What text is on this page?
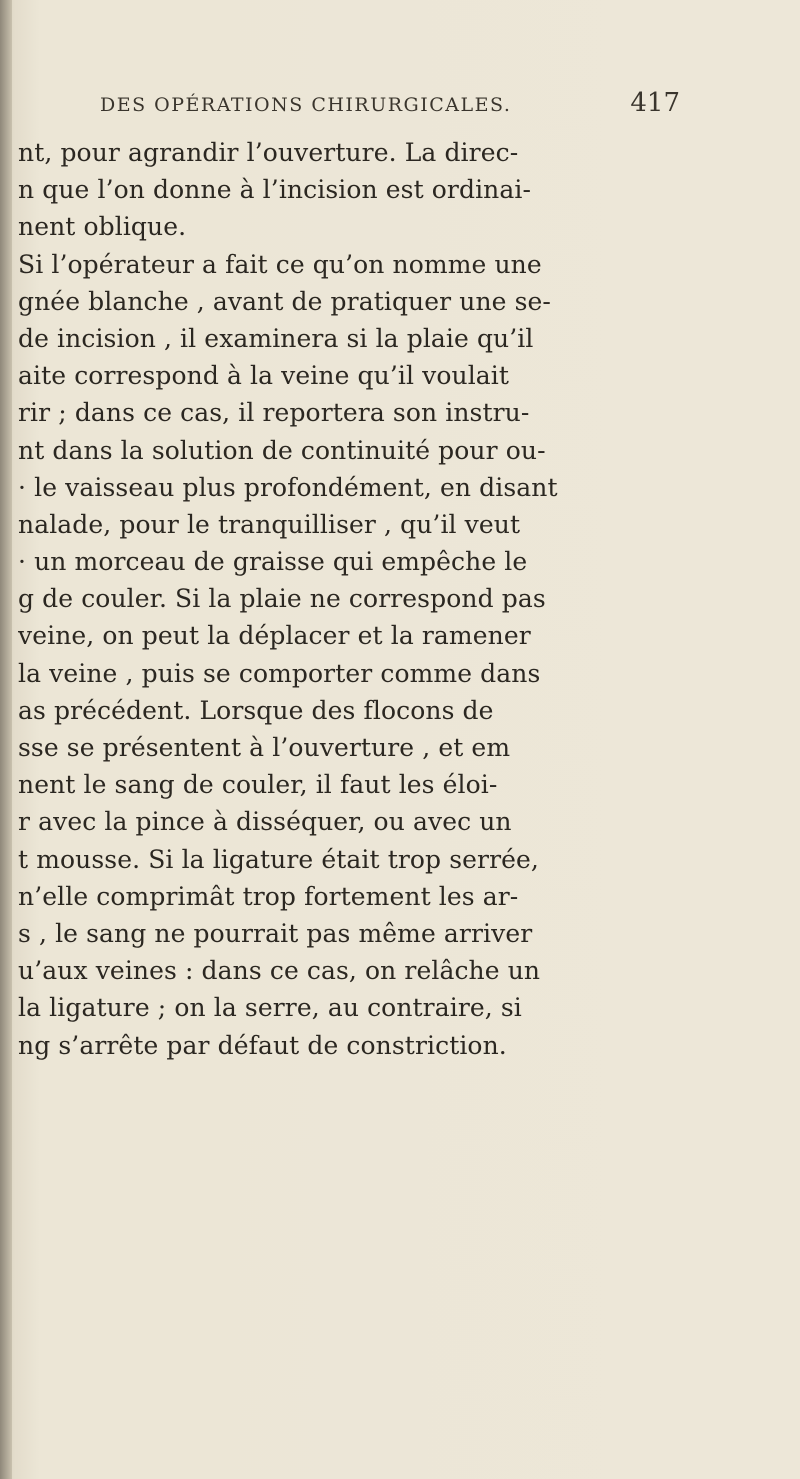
DES OPÉRATIONS CHIRURGICALES.	417
nt, pour agrandir l’ouverture. La direc-
n que l’on donne à l’incision est ordinai-
nent oblique.
Si l’opérateur a fait ce qu’on nomme une
gnée blanche , avant de pratiquer une se-
de incision , il examinera si la plaie qu’il
aite correspond à la veine qu’il voulait
rir ; dans ce cas, il reportera son instru-
nt dans la solution de continuité pour ou-
· le vaisseau plus profondément, en disant
nalade, pour le tranquilliser , qu’il veut
· un morceau de graisse qui empêche le
g de couler. Si la plaie ne correspond pas
veine, on peut la déplacer et la ramener
la veine , puis se comporter comme dans
as précédent. Lorsque des flocons de
sse se présentent à l’ouverture , et em
nent le sang de couler, il faut les éloi-
r avec la pince à disséquer, ou avec un
t mousse. Si la ligature était trop serrée,
n’elle comprimât trop fortement les ar-
s , le sang ne pourrait pas même arriver
u’aux veines : dans ce cas, on relâche un
la ligature ; on la serre, au contraire, si
ng s’arrête par défaut de constriction.
